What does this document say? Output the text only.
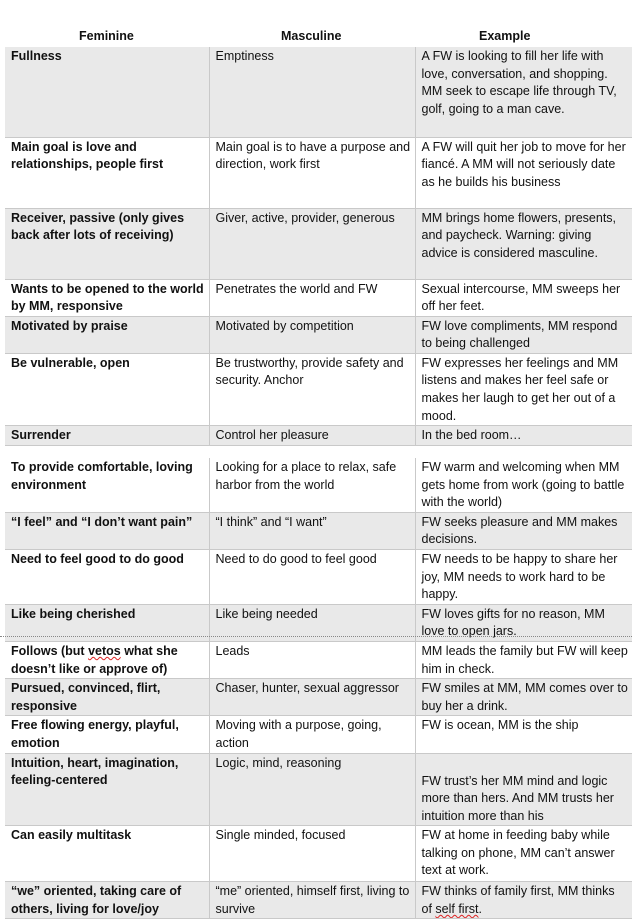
Feminine	Masculine	Example
Fullness	Emptiness	A FW is looking to fill her life with love, conversation, and shopping. MM seek to escape life through TV, golf, going to a man cave.
Main goal is love and relationships, people first	Main goal is to have a purpose and direction, work first	A FW will quit her job to move for her fiancé. A MM will not seriously date as he builds his business
Receiver, passive (only gives back after lots of receiving)	Giver, active, provider, generous	MM brings home flowers, presents, and paycheck. Warning: giving advice is considered masculine.
Wants to be opened to the world by MM, responsive	Penetrates the world and FW	Sexual intercourse, MM sweeps her off her feet.
Motivated by praise	Motivated by competition	FW love compliments, MM respond to being challenged
Be vulnerable, open	Be trustworthy, provide safety and security. Anchor	FW expresses her feelings and MM listens and makes her feel safe or makes her laugh to get her out of a mood.
Surrender	Control her pleasure	In the bed room…
To provide comfortable, loving environment	Looking for a place to relax, safe harbor from the world	FW warm and welcoming when MM gets home from work (going to battle with the world)
“I feel” and “I don’t want pain”	“I think” and “I want”	FW seeks pleasure and MM makes decisions.
Need to feel good to do good	Need to do good to feel good	FW needs to be happy to share her joy, MM needs to work hard to be happy.
Like being cherished	Like being needed	FW loves gifts for no reason, MM love to open jars.
Follows (but vetos what she doesn’t like or approve of)	Leads	MM leads the family but FW will keep him in check.
Pursued, convinced, flirt, responsive	Chaser, hunter, sexual aggressor	FW smiles at MM, MM comes over to buy her a drink.
Free flowing energy, playful, emotion	Moving with a purpose, going, action	FW is ocean, MM is the ship
Intuition, heart, imagination, feeling-centered	Logic, mind, reasoning	FW trust’s her MM mind and logic more than hers. And MM trusts her intuition more than his
Can easily multitask	Single minded, focused	FW at home in feeding baby while talking on phone, MM can’t answer text at work.
“we” oriented, taking care of others, living for love/joy	“me” oriented, himself first, living to survive	FW thinks of family first, MM thinks of self first.
